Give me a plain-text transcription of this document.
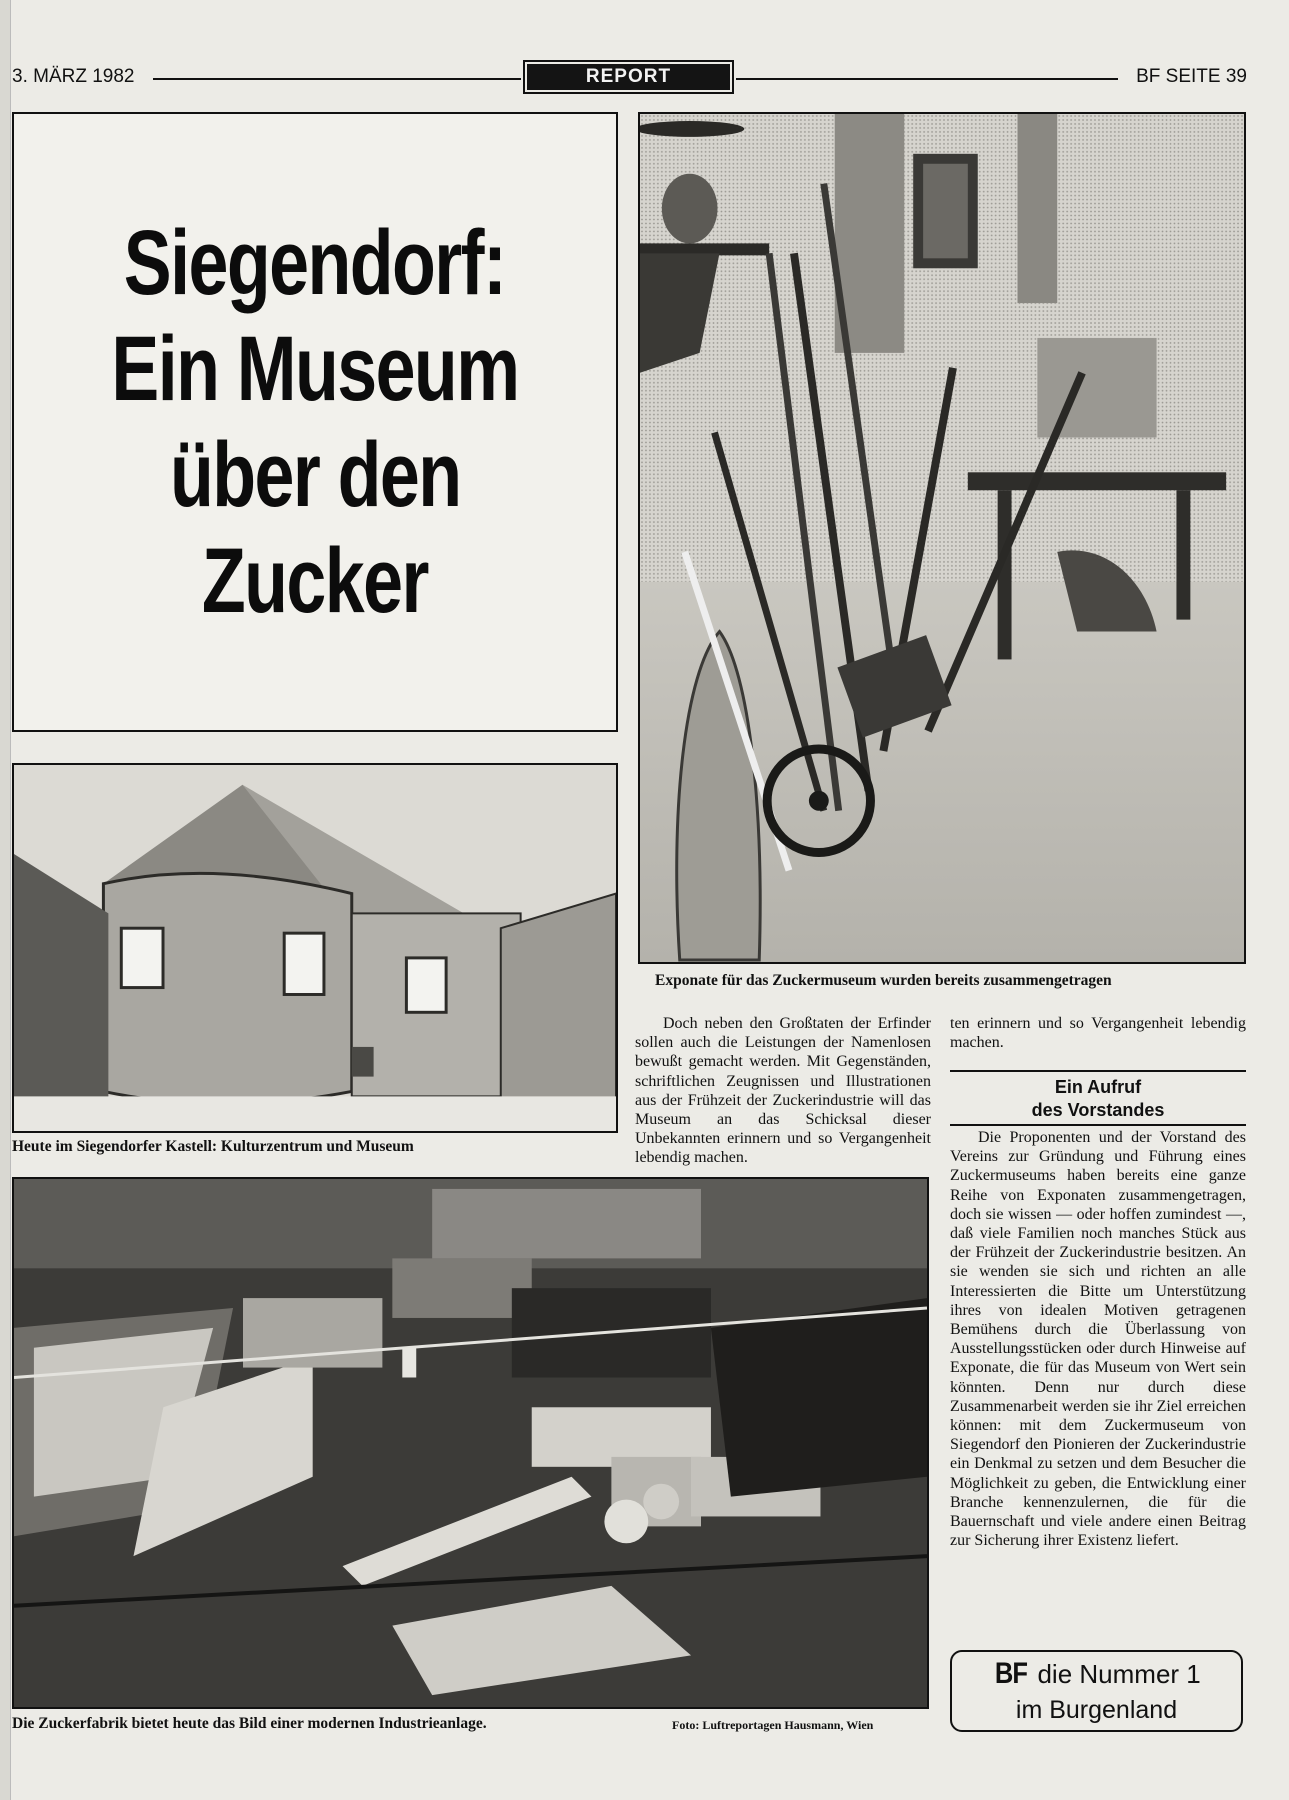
3. MÄRZ 1982	REPORT	BF SEITE 39
Siegendorf:
Ein Museum
über den
Zucker
Exponate für das Zuckermuseum wurden bereits zusammengetragen
Heute im Siegendorfer Kastell: Kulturzentrum und Museum
Die Zuckerfabrik bietet heute das Bild einer modernen Industrieanlage.	Foto: Luftreportagen Hausmann, Wien

Doch neben den Großtaten der Erfinder sollen auch die Leistungen der Namenlosen bewußt gemacht werden. Mit Gegenständen, schriftlichen Zeugnissen und Illustrationen aus der Frühzeit der Zuckerindustrie will das Museum an das Schicksal dieser Unbekannten erinnern und so Vergangenheit lebendig machen.

ten erinnern und so Vergangenheit lebendig machen.

Ein Aufruf
des Vorstandes

Die Proponenten und der Vorstand des Vereins zur Gründung und Führung eines Zuckermuseums haben bereits eine ganze Reihe von Exponaten zusammengetragen, doch sie wissen — oder hoffen zumindest —, daß viele Familien noch manches Stück aus der Frühzeit der Zuckerindustrie besitzen. An sie wenden sie sich und richten an alle Interessierten die Bitte um Unterstützung ihres von idealen Motiven getragenen Bemühens durch die Überlassung von Ausstellungsstücken oder durch Hinweise auf Exponate, die für das Museum von Wert sein könnten. Denn nur durch diese Zusammenarbeit werden sie ihr Ziel erreichen können: mit dem Zuckermuseum von Siegendorf den Pionieren der Zuckerindustrie ein Denkmal zu setzen und dem Besucher die Möglichkeit zu geben, die Entwicklung einer Branche kennenzulernen, die für die Bauernschaft und viele andere einen Beitrag zur Sicherung ihrer Existenz liefert.

BF die Nummer 1
im Burgenland
